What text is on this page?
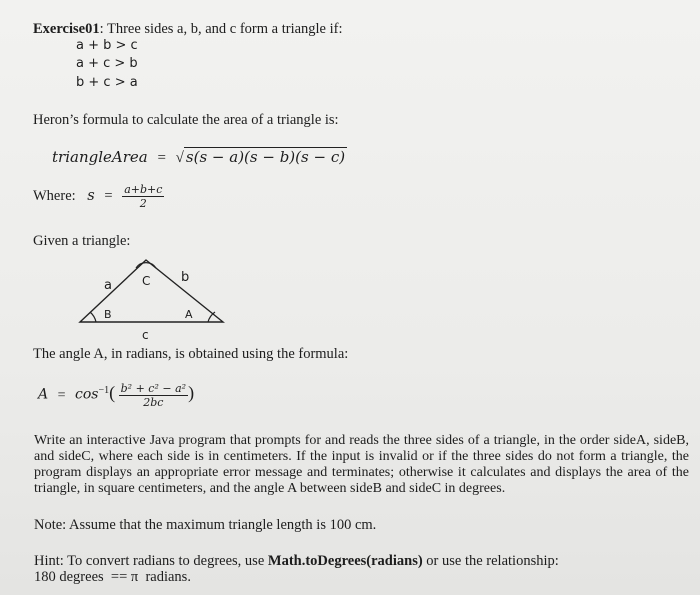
Exercise01: Three sides a, b, and c form a triangle if:
a + b > c
a + c > b
b + c > a
Heron’s formula to calculate the area of a triangle is:
triangleArea = √ s(s − a)(s − b)(s − c)
Where: $s = \frac{a+b+c}{2}$
Given a triangle:
a	C b
B	A
c
The angle A, in radians, is obtained using the formula:
$A = \cos^{-1}( \frac{\text{b² + c² − a²}}{2bc}$ )
Write an interactive Java program that prompts for and reads the three sides of a triangle, in the order sideA, sideB, and sideC, where each side is in centimeters. If the input is invalid or if the three sides do not form a triangle, the program displays an appropriate error message and terminates; otherwise it calculates and displays the area of the triangle, in square centimeters, and the angle A between sideB and sideC in degrees.
Note: Assume that the maximum triangle length is 100 cm.
Hint: To convert radians to degrees, use Math.toDegrees(radians) or use the relationship:
180 degrees  == π  radians.
